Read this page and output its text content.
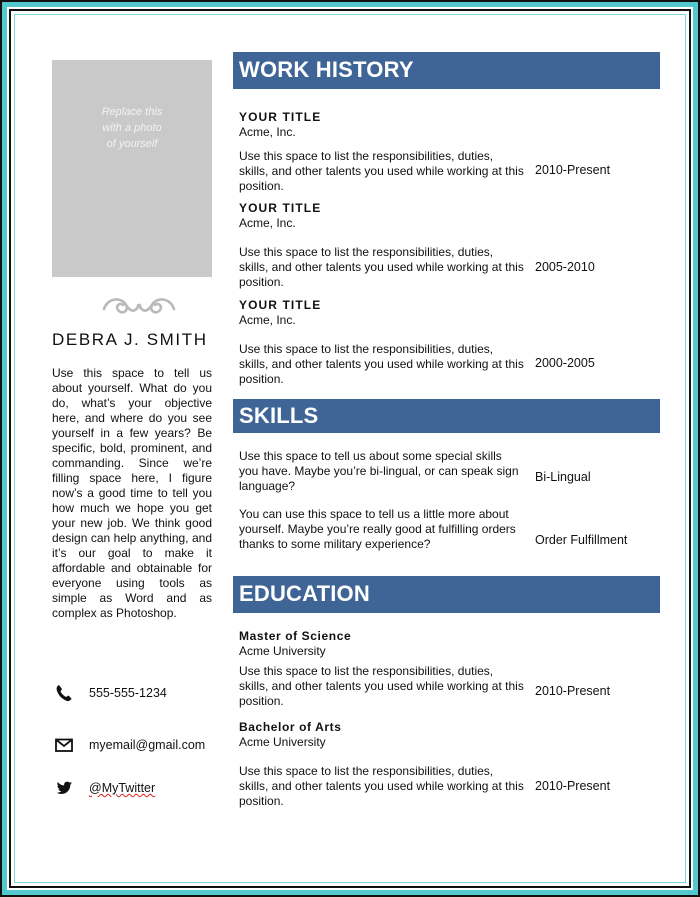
Replace this
with a photo
of yourself
DEBRA J. SMITH
Use this space to tell us about yourself. What do you do, what’s your objective here, and where do you see yourself in a few years? Be specific, bold, prominent, and commanding. Since we’re filling space here, I figure now’s a good time to tell you how much we hope you get your new job. We think good design can help anything, and it’s our goal to make it affordable and obtainable for everyone using tools as simple as Word and as complex as Photoshop.
555-555-1234
myemail@gmail.com
@MyTwitter
WORK HISTORY
YOUR TITLE
Acme, Inc.
Use this space to list the responsibilities, duties, skills, and other talents you used while working at this position.
2010-Present
YOUR TITLE
Acme, Inc.
Use this space to list the responsibilities, duties, skills, and other talents you used while working at this position.
2005-2010
YOUR TITLE
Acme, Inc.
Use this space to list the responsibilities, duties, skills, and other talents you used while working at this position.
2000-2005
SKILLS
Use this space to tell us about some special skills you have. Maybe you’re bi-lingual, or can speak sign language?
Bi-Lingual
You can use this space to tell us a little more about yourself. Maybe you’re really good at fulfilling orders thanks to some military experience?	Order Fulfillment
EDUCATION
Master of Science
Acme University
Use this space to list the responsibilities, duties, skills, and other talents you used while working at this position.
2010-Present
Bachelor of Arts
Acme University
Use this space to list the responsibilities, duties, skills, and other talents you used while working at this position.
2010-Present
